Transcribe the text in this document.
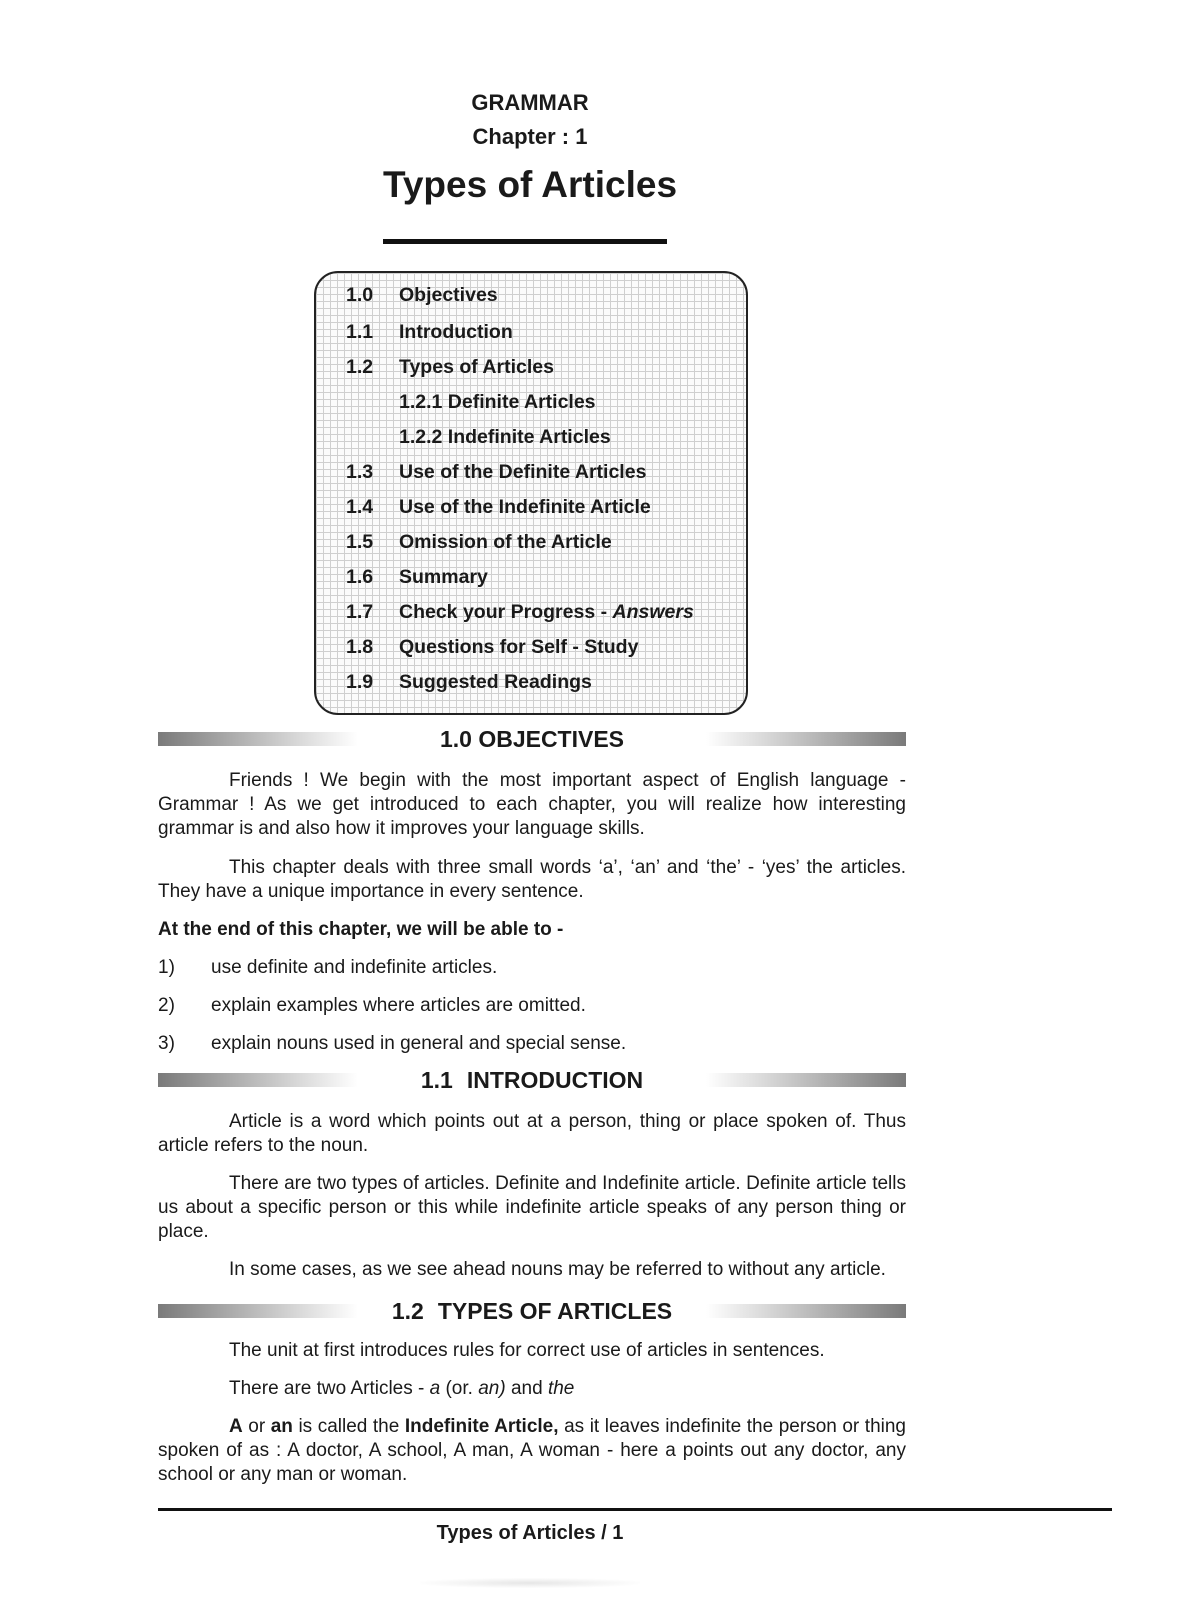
GRAMMAR
Chapter : 1
Types of Articles
1.0 Objectives
1.1 Introduction
1.2 Types of Articles
1.2.1 Definite Articles
1.2.2 Indefinite Articles
1.3 Use of the Definite Articles
1.4 Use of the Indefinite Article
1.5 Omission of the Article
1.6 Summary
1.7 Check your Progress - Answers
1.8 Questions for Self - Study
1.9 Suggested Readings
1.0 OBJECTIVES
Friends ! We begin with the most important aspect of English language - Grammar ! As we get introduced to each chapter, you will realize how interesting grammar is and also how it improves your language skills.
This chapter deals with three small words ‘a’, ‘an’ and ‘the’ - ‘yes’ the articles. They have a unique importance in every sentence.
At the end of this chapter, we will be able to -
1) use definite and indefinite articles.
2) explain examples where articles are omitted.
3) explain nouns used in general and special sense.
1.1 INTRODUCTION
Article is a word which points out at a person, thing or place spoken of. Thus article refers to the noun.
There are two types of articles. Definite and Indefinite article. Definite article tells us about a specific person or this while indefinite article speaks of any person thing or place.
In some cases, as we see ahead nouns may be referred to without any article.
1.2 TYPES OF ARTICLES
The unit at first introduces rules for correct use of articles in sentences.
There are two Articles - a (or. an) and the
A or an is called the Indefinite Article, as it leaves indefinite the person or thing spoken of as : A doctor, A school, A man, A woman - here a points out any doctor, any school or any man or woman.
Types of Articles / 1
